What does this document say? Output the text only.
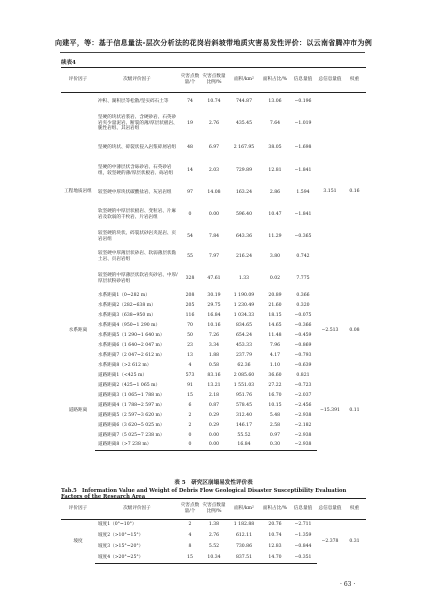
向建平，等：基于信息量法-层次分析法的花岗岩斜坡带地质灾害易发性评价：以云南省腾冲市为例
续表4
评价因子	次级评价因子	灾害点数量/个	灾害点数量比例/%	面积/km²	面积占比/%	信息量值	总信息量值	权重
工程地质岩组	冲积、湖积层等松散/坚实碎石土等	74	10.74	744.87	13.06	−0.196	3.151	0.16
	坚硬的块状岩浆岩、含硬砂岩、石英砂岩夹少量泥岩、断裂的薄/厚层状板岩、脆性岩组、其岩岩组	19	2.76	435.45	7.64	−1.019		
	坚硬的块状、碎裂状侵入岩浆碎屑岩组	48	6.97	2 167.95	38.05	−1.698		
	坚硬的中薄层状含砾砂岩、石英砂岩组，较坚硬的薄/厚层状板岩、砾岩组	14	2.03	729.89	12.81	−1.841		
	较坚硬中厚块状碳酸盐岩、灰岩岩组	97	14.08	163.24	2.86	1.594		
	软坚硬的中厚层状板岩、变粒岩、片麻岩及软弱的千枚岩、片岩岩组	0	0.00	596.40	10.47	−1.841		
	较坚硬的块状、碎裂状砂岩夹泥岩、页岩岩组	54	7.84	643.36	11.29	−0.365		
	较坚硬中厚薄层状砂岩、软弱薄层状黏土岩、页岩岩组	55	7.97	216.24	3.80	0.742		
	较坚硬的中厚薄层状软岩夹砂岩、中厚/厚层状粉砂岩组	328	47.61	1.33	0.02	7.775		
水系距离	水系距离1（0~282 m）	208	30.19	1 190.09	20.89	0.366	−2.513	0.08
	水系距离2（282~638 m）	205	29.75	1 230.49	21.60	0.320		
	水系距离3（638~950 m）	116	16.84	1 034.33	18.15	−0.075		
	水系距离4（950~1 290 m）	70	10.16	834.65	14.65	−0.366		
	水系距离5（1 290~1 640 m）	50	7.26	654.24	11.48	−0.459		
	水系距离6（1 640~2 047 m）	23	3.34	453.33	7.96	−0.869		
	水系距离7（2 047~2 612 m）	13	1.88	237.79	4.17	−0.793		
	水系距离8（>2 612 m）	4	0.58	62.36	1.10	−0.639		
道路距离	道路距离1（<425 m）	573	83.16	2 085.60	36.60	0.821	−15.391	0.11
	道路距离2（425~1 065 m）	91	13.21	1 551.03	27.22	−0.723		
	道路距离3（1 065~1 788 m）	15	2.18	951.76	16.70	−2.037		
	道路距离4（1 788~2 597 m）	6	0.87	578.45	10.15	−2.456		
	道路距离5（2 597~3 620 m）	2	0.29	312.40	5.48	−2.938		
	道路距离6（3 620~5 025 m）	2	0.29	146.17	2.58	−2.182		
	道路距离7（5 025~7 238 m）	0	0.00	55.52	0.97	−2.938		
	道路距离8（>7 238 m）	0	0.00	16.84	0.30	−2.938		
表 5　研究区崩塌易发性评价表
Tab.5　Information Value and Weight of Debris Flow Geological Disaster Susceptibility Evaluation Factors of the Research Area
评价因子	次级评价因子	灾害点数量/个	灾害点数量比例/%	面积/km²	面积占比/%	信息量值	总信息量值	权重
坡度	坡度1（0°~10°）	2	1.38	1 182.88	20.76	−2.711	−2.378	0.31
	坡度2（>10°~15°）	4	2.76	612.11	10.74	−1.359		
	坡度3（>15°~20°）	8	5.52	730.86	12.83	−0.844		
	坡度4（>20°~25°）	15	10.34	837.51	14.70	−0.351		
· 63 ·
